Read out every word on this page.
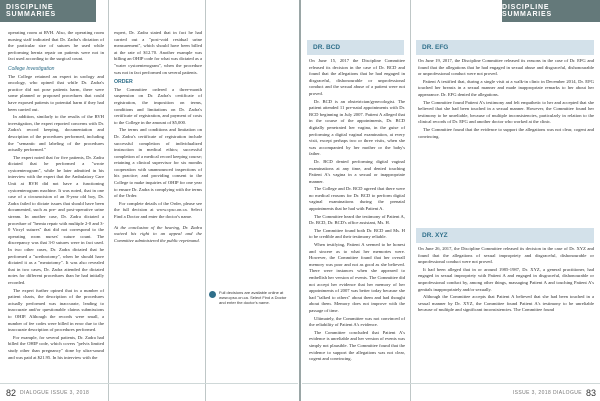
DISCIPLINE SUMMARIES
DISCIPLINE SUMMARIES

operating room at RVH. Also, the operating room nursing staff indicated that Dr. Zadra's dictation of the particular size of sutures he used while performing hernia repair on patients were not in fact used according to the surgical count.

College Investigation

The College retained an expert in urology and oncology, who opined that while Dr. Zadra's practice did not pose patients harm, there were some planned or proposed procedures that could have exposed patients to potential harm if they had been carried out.

In addition, similarly to the results of the RVH investigation, the expert reported concerns with Dr. Zadra's record keeping, documentation and description of the procedures performed, including the "semantic and labeling of the procedures actually performed."

The expert noted that for five patients, Dr. Zadra dictated that he performed a "wrote cystoenterogram", while he later admitted in his interview with the expert that the Ambulatory Care Unit at RVH did not have a functioning cystoenterogram machine. It was noted, that in one case of a circumcision of an 8-year old boy, Dr. Zadra failed to dictate issues that should have been documented, such as pre- and post-operative urine stream. In another case, Dr. Zadra dictated a procedure of "hernia repair with multiple 2-0 and 3-0 Vicryl sutures" that did not correspond to the operating room nurses' suture count. The discrepancy was that 3-0 sutures were in fact used. In two other cases, Dr. Zadra dictated that he performed a "urethrotomy", when he should have dictated it as a "meatotomy". It was also revealed that in two cases, Dr. Zadra attended the dictated notes for different procedures than he had initially recorded.

The expert further opined that in a number of patient charts, the description of the procedures actually performed was inaccurate, leading to inaccurate and/or questionable claims submissions to OHIP. Although the records were small, a number of fee codes were billed in error due to the inaccurate description of procedures performed.

For example, for several patients, Dr. Zadra had billed the OHIP code, which covers "pelvis limited study other than pregnancy" done by ultra-sound and was paid at $21.95. In his interview with the

expert, Dr. Zadra stated that in fact he had carried out a "post-void residual urine measurement", which should have been billed at the rate of $12.70. Another example was billing an OHIP code for what was dictated as a "water cystoenterogram", when the procedure was not in fact performed on several patients.

ORDER

The Committee ordered a three-month suspension on Dr. Zadra's certificate of registration, the imposition on terms, conditions and limitations on Dr. Zadra's certificate of registration, and payment of costs to the College in the amount of $5,000.

The terms and conditions and limitation on Dr. Zadra's certificate of registration include successful completion of individualized instruction in medical ethics; successful completion of a medical record keeping course; retaining a clinical supervisor for six months cooperation with unannounced inspections of his practice; and providing consent to the College to make inquiries of OHIP for one year to ensure Dr. Zadra is complying with the terms of the Order.

For complete details of the Order, please see the full decision at www.cpso.on.ca. Select Find a Doctor and enter the doctor's name.

At the conclusion of the hearing, Dr. Zadra waived his right to an appeal and the Committee administered the public reprimand.

Full decisions are available online at www.cpso.on.ca. Select Find a Doctor and enter the doctor's name.
DR. BCD

On June 15, 2017 the Discipline Committee released its decision in the case of Dr. BCD and found that the allegations that he had engaged in disgraceful, dishonourable or unprofessional conduct and the sexual abuse of a patient were not proved.

Dr. BCD is an obstetrician/gynecologist. The patient attended 11 pre-natal appointments with Dr. BCD beginning in July 2007. Patient A alleged that in the course of the appointments, Dr. BCD digitally penetrated her vagina, in the guise of performing a digital vaginal examination, at every visit, except perhaps two or three visits, when she was accompanied by her mother or the baby's father.

Dr. BCD denied performing digital vaginal examinations at any time, and denied touching Patient A's vagina in a sexual or inappropriate manner.

The College and Dr. BCD agreed that there were no medical reasons for Dr. BCD to perform digital vaginal examinations during the prenatal appointments that he had with Patient A.

The Committee heard the testimony of Patient A, Dr. BCD, Dr. BCD's office assistant, Ms. H.

The Committee found both Dr. BCD and Ms. H to be credible and their testimony reliable.

When testifying, Patient A seemed to be honest and sincere as to what her memories were. However, the Committee found that her overall memory was poor and not as good as she believed. There were instances when she appeared to embellish her version of events. The Committee did not accept her evidence that her memory of her appointments of 2007 was better today because she had "talked to others" about them and had thought about them. Memory does not improve with the passage of time.

Ultimately, the Committee was not convinced of the reliability of Patient A's evidence.

The Committee concluded that Patient A's evidence is unreliable and her version of events was simply not plausible. The Committee found that the evidence to support the allegations was not clear, cogent and convincing.

DR. EFG

On June 19, 2017, the Discipline Committee released its reasons in the case of Dr. EFG and found that the allegations that he had engaged in sexual abuse and disgraceful, dishonourable or unprofessional conduct were not proved.

Patient A testified that, during a single visit at a walk-in clinic in December 2014, Dr. EFG touched her breasts in a sexual manner and made inappropriate remarks to her about her appearance. Dr. EFG denied the allegations.

The Committee found Patient A's testimony and felt empathetic to her and accepted that she believed that she had been touched in a sexual manner. However, the Committee found her testimony to be unreliable, because of multiple inconsistencies, particularly in relation to the clinical records of Dr. EFG and another doctor who worked at the clinic.

The Committee found that the evidence to support the allegations was not clear, cogent and convincing.

DR. XYZ

On June 26, 2017, the Discipline Committee released its decision in the case of Dr. XYZ and found that the allegations of sexual impropriety and disgraceful, dishonourable or unprofessional conduct were not proved.

It had been alleged that in or around 1985-1987, Dr. XYZ, a general practitioner, had engaged in sexual impropriety with Patient A and engaged in disgraceful, dishonourable or unprofessional conduct by, among other things, massaging Patient A and touching Patient A's genitals inappropriately and/or sexually.

Although the Committee accepts that Patient A believed that she had been touched in a sexual manner by Dr. XYZ, the Committee found Patient A's testimony to be unreliable because of multiple and significant inconsistencies. The Committee found

82 DIALOGUE ISSUE 3, 2018	ISSUE 3, 2018 DIALOGUE 83
